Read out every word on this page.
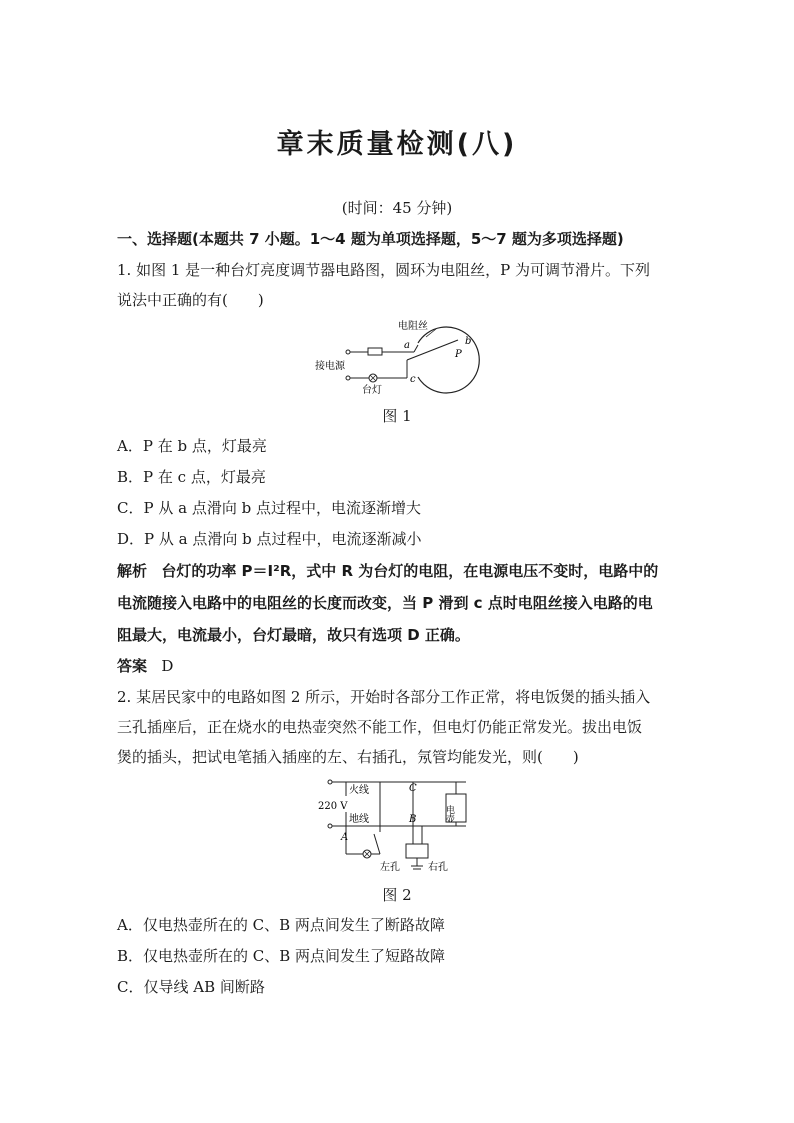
章末质量检测(八)
(时间：45 分钟)
一、选择题(本题共 7 小题。1～4 题为单项选择题，5～7 题为多项选择题)
1. 如图 1 是一种台灯亮度调节器电路图，圆环为电阻丝，P 为可调节滑片。下列
说法中正确的有(　　)
电阻丝
a	b
c
P
接电源
台灯
图 1
A．P 在 b 点，灯最亮
B．P 在 c 点，灯最亮
C．P 从 a 点滑向 b 点过程中，电流逐渐增大
D．P 从 a 点滑向 b 点过程中，电流逐渐减小
解析 台灯的功率 P＝I²R，式中 R 为台灯的电阻，在电源电压不变时，电路中的
电流随接入电路中的电阻丝的长度而改变，当 P 滑到 c 点时电阻丝接入电路的电
阻最大，电流最小，台灯最暗，故只有选项 D 正确。
答案 D
2. 某居民家中的电路如图 2 所示，开始时各部分工作正常，将电饭煲的插头插入
三孔插座后，正在烧水的电热壶突然不能工作，但电灯仍能正常发光。拔出电饭
煲的插头，把试电笔插入插座的左、右插孔，氖管均能发光，则(　　)
火线
220 V
地线
A
B
C
电壶
左孔	右孔
图 2
A．仅电热壶所在的 C、B 两点间发生了断路故障
B．仅电热壶所在的 C、B 两点间发生了短路故障
C．仅导线 AB 间断路
